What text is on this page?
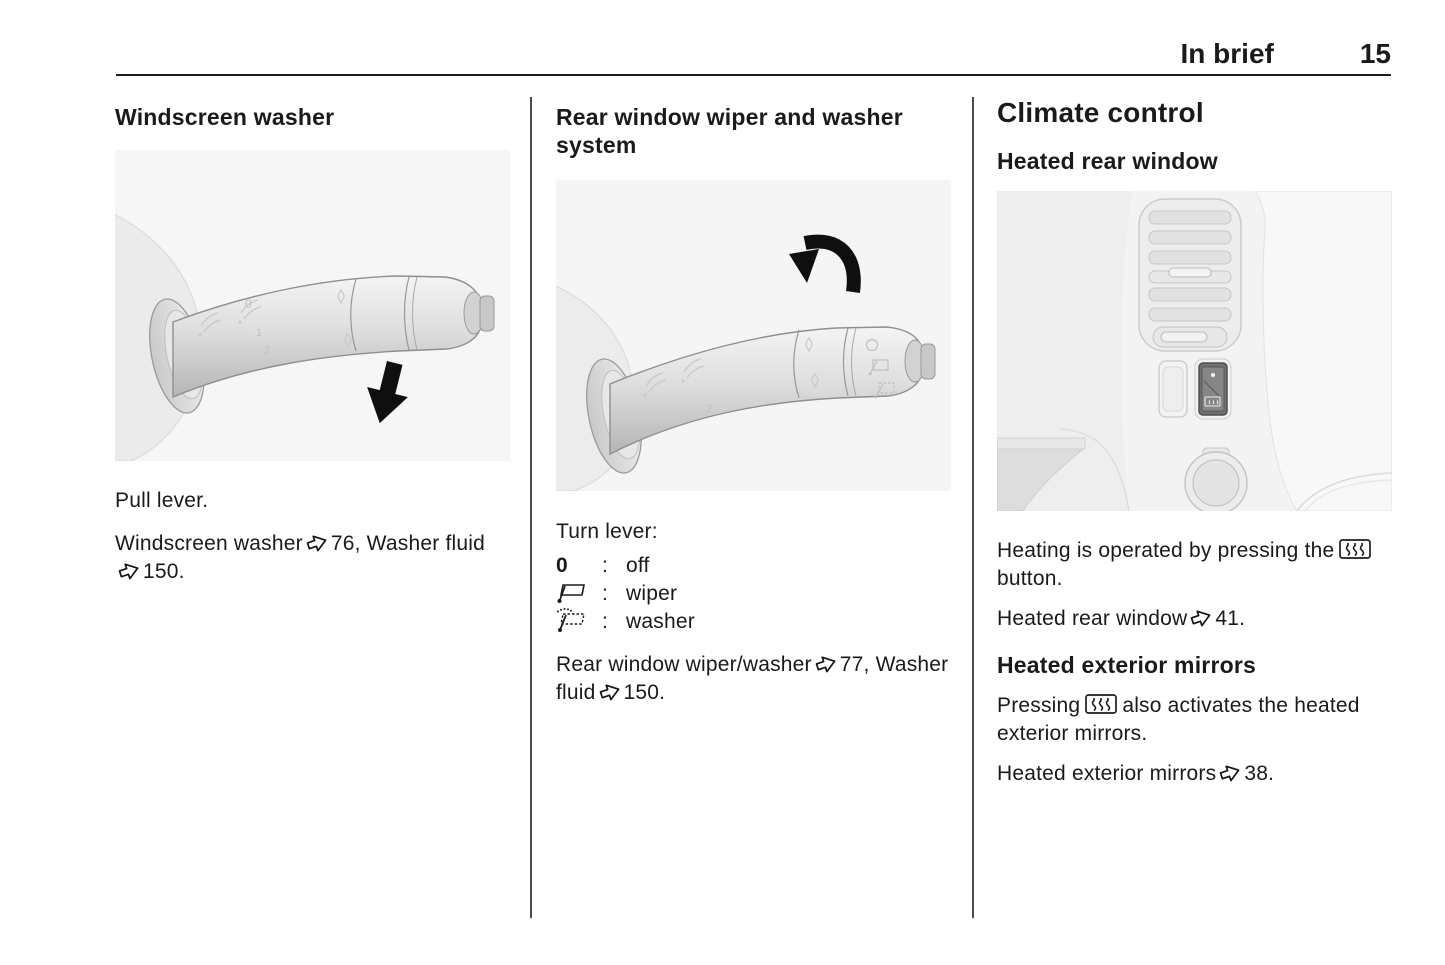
In brief	15
Windscreen washer
0
1
2

Pull lever.

Windscreen washer 76, Washer fluid150.

Rear window wiper and washer system
2

Turn lever:

0	: off
: wiper
: washer

Rear window wiper/washer 77, Washer fluid 150.

Climate control
Heated rear window

Heating is operated by pressing thebutton.

Heated rear window 41.

Heated exterior mirrors

Pressing also activates the heated exterior mirrors.

Heated exterior mirrors 38.
